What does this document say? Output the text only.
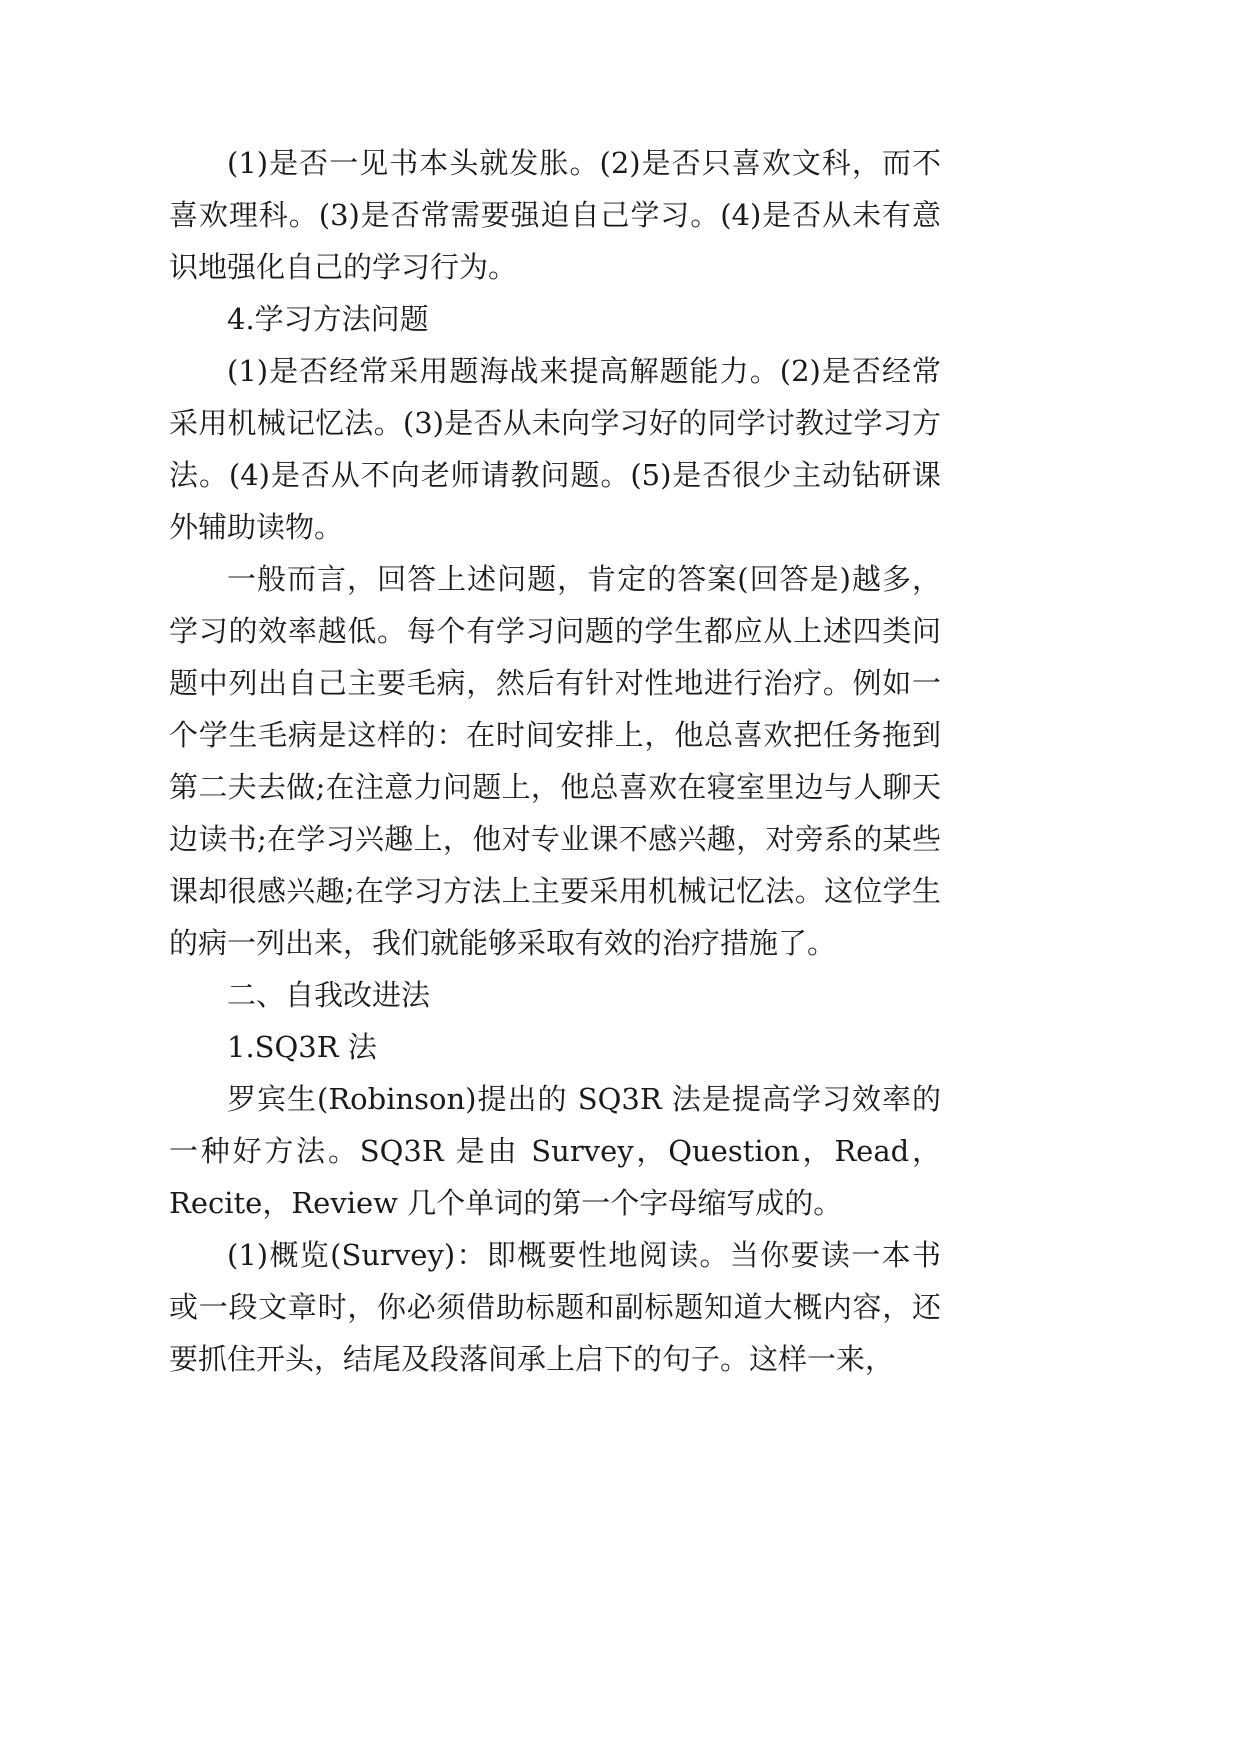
(1)是否一见书本头就发胀。(2)是否只喜欢文科，而不喜欢理科。(3)是否常需要强迫自己学习。(4)是否从未有意识地强化自己的学习行为。

4.学习方法问题

(1)是否经常采用题海战来提高解题能力。(2)是否经常采用机械记忆法。(3)是否从未向学习好的同学讨教过学习方法。(4)是否从不向老师请教问题。(5)是否很少主动钻研课外辅助读物。

一般而言，回答上述问题，肯定的答案(回答是)越多，学习的效率越低。每个有学习问题的学生都应从上述四类问题中列出自己主要毛病，然后有针对性地进行治疗。例如一个学生毛病是这样的：在时间安排上，他总喜欢把任务拖到第二夫去做;在注意力问题上，他总喜欢在寝室里边与人聊天边读书;在学习兴趣上，他对专业课不感兴趣，对旁系的某些课却很感兴趣;在学习方法上主要采用机械记忆法。这位学生的病一列出来，我们就能够采取有效的治疗措施了。

二、自我改进法

1.SQ3R 法

罗宾生(Robinson)提出的 SQ3R 法是提高学习效率的一种好方法。SQ3R 是由 Survey，Question，Read，Recite，Review 几个单词的第一个字母缩写成的。

(1)概览(Survey)：即概要性地阅读。当你要读一本书或一段文章时，你必须借助标题和副标题知道大概内容，还要抓住开头，结尾及段落间承上启下的句子。这样一来，
